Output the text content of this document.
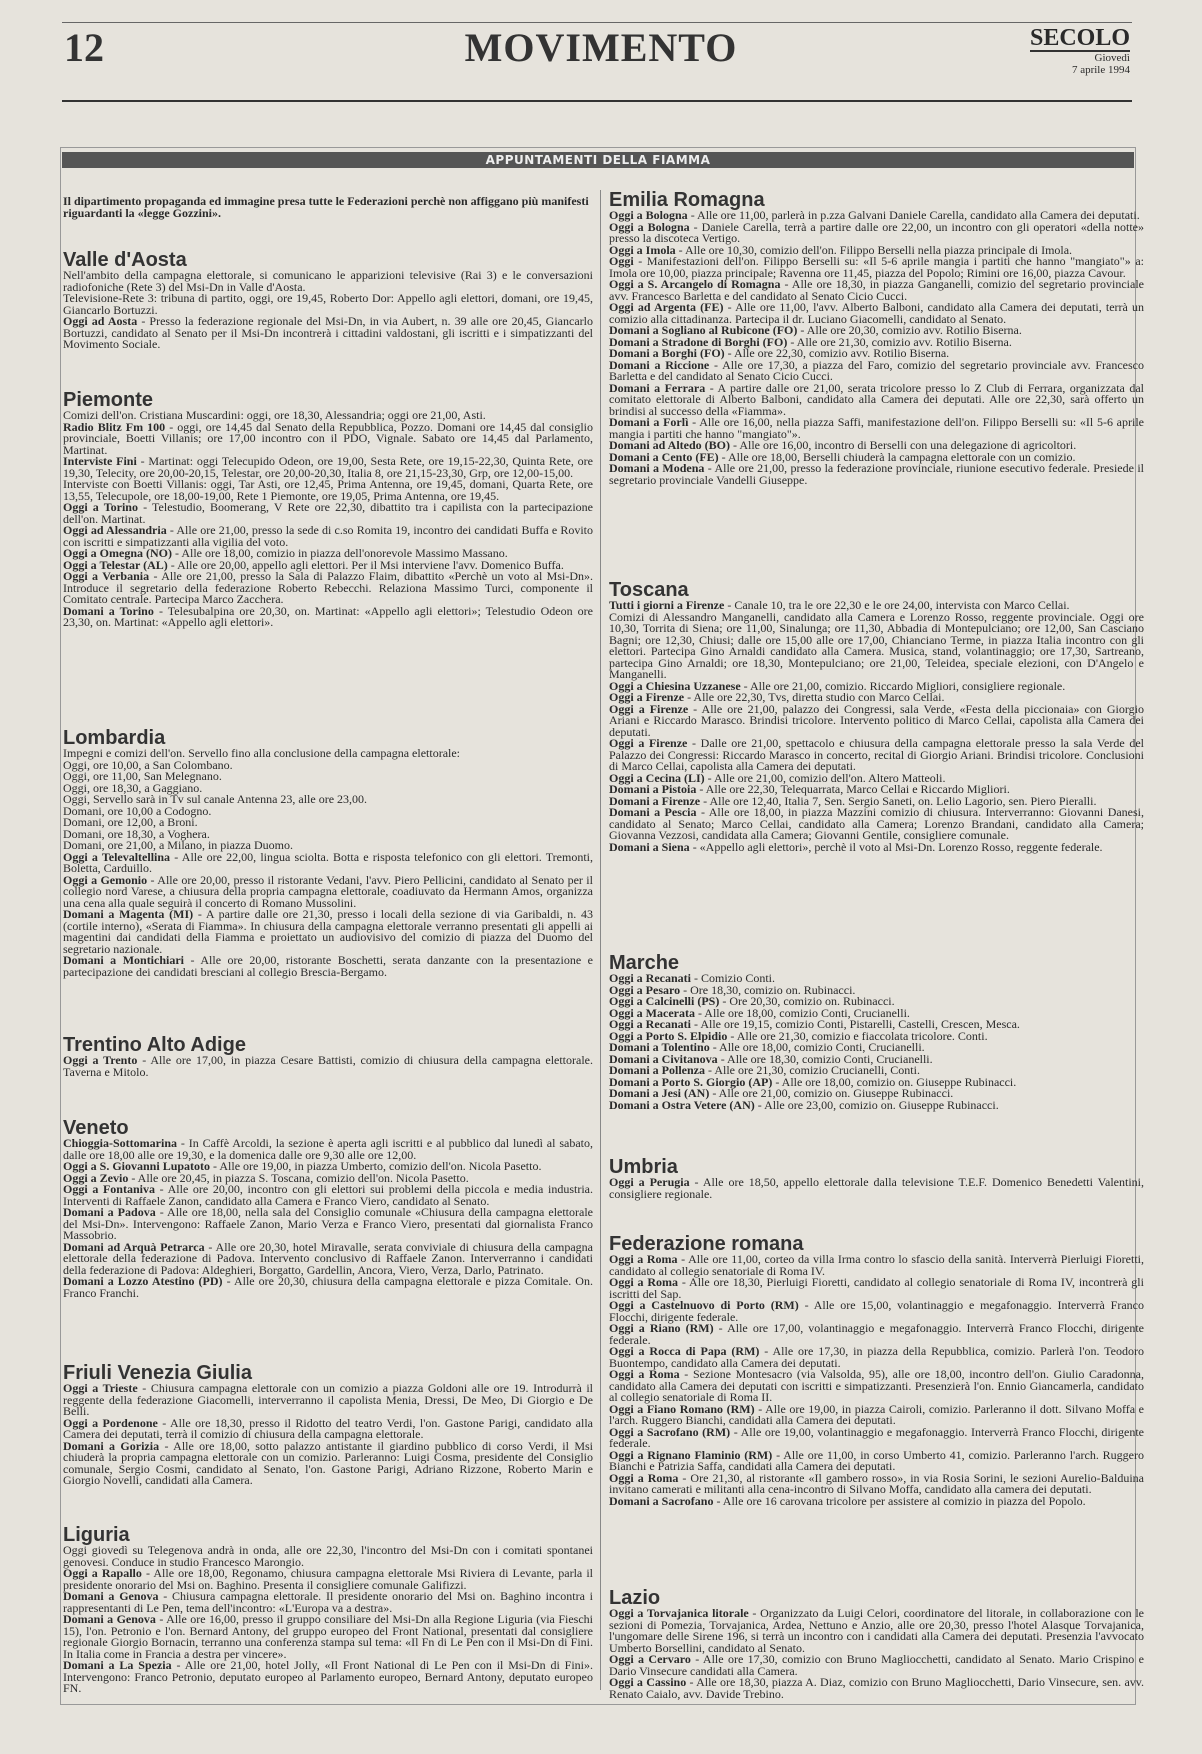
12	MOVIMENTO	SECOLO
Giovedì
7 aprile 1994
APPUNTAMENTI DELLA FIAMMA

Il dipartimento propaganda ed immagine presa tutte le Federazioni perchè non affiggano più manifesti riguardanti la «legge Gozzini».

Valle d'Aosta

Nell'ambito della campagna elettorale, si comunicano le apparizioni televisive (Rai 3) e le conversazioni radiofoniche (Rete 3) del Msi-Dn in Valle d'Aosta.

Televisione-Rete 3: tribuna di partito, oggi, ore 19,45, Roberto Dor: Appello agli elettori, domani, ore 19,45, Giancarlo Bortuzzi.

Oggi ad Aosta - Presso la federazione regionale del Msi-Dn, in via Aubert, n. 39 alle ore 20,45, Giancarlo Bortuzzi, candidato al Senato per il Msi-Dn incontrerà i cittadini valdostani, gli iscritti e i simpatizzanti del Movimento Sociale.

Piemonte

Comizi dell'on. Cristiana Muscardini: oggi, ore 18,30, Alessandria; oggi ore 21,00, Asti.

Radio Blitz Fm 100 - oggi, ore 14,45 dal Senato della Repubblica, Pozzo. Domani ore 14,45 dal consiglio provinciale, Boetti Villanis; ore 17,00 incontro con il PDO, Vignale. Sabato ore 14,45 dal Parlamento, Martinat.

Interviste Fini - Martinat: oggi Telecupido Odeon, ore 19,00, Sesta Rete, ore 19,15-22,30, Quinta Rete, ore 19,30, Telecity, ore 20,00-20,15, Telestar, ore 20,00-20,30, Italia 8, ore 21,15-23,30, Grp, ore 12,00-15,00.

Interviste con Boetti Villanis: oggi, Tar Asti, ore 12,45, Prima Antenna, ore 19,45, domani, Quarta Rete, ore 13,55, Telecupole, ore 18,00-19,00, Rete 1 Piemonte, ore 19,05, Prima Antenna, ore 19,45.

Oggi a Torino - Telestudio, Boomerang, V Rete ore 22,30, dibattito tra i capilista con la partecipazione dell'on. Martinat.

Oggi ad Alessandria - Alle ore 21,00, presso la sede di c.so Romita 19, incontro dei candidati Buffa e Rovito con iscritti e simpatizzanti alla vigilia del voto.

Oggi a Omegna (NO) - Alle ore 18,00, comizio in piazza dell'onorevole Massimo Massano.

Oggi a Telestar (AL) - Alle ore 20,00, appello agli elettori. Per il Msi interviene l'avv. Domenico Buffa.

Oggi a Verbania - Alle ore 21,00, presso la Sala di Palazzo Flaim, dibattito «Perchè un voto al Msi-Dn». Introduce il segretario della federazione Roberto Rebecchi. Relaziona Massimo Turci, componente il Comitato centrale. Partecipa Marco Zacchera.

Domani a Torino - Telesubalpina ore 20,30, on. Martinat: «Appello agli elettori»; Telestudio Odeon ore 23,30, on. Martinat: «Appello agli elettori».

Lombardia

Impegni e comizi dell'on. Servello fino alla conclusione della campagna elettorale:

Oggi, ore 10,00, a San Colombano.

Oggi, ore 11,00, San Melegnano.

Oggi, ore 18,30, a Gaggiano.

Oggi, Servello sarà in Tv sul canale Antenna 23, alle ore 23,00.

Domani, ore 10,00 a Codogno.

Domani, ore 12,00, a Broni.

Domani, ore 18,30, a Voghera.

Domani, ore 21,00, a Milano, in piazza Duomo.

Oggi a Televaltellina - Alle ore 22,00, lingua sciolta. Botta e risposta telefonico con gli elettori. Tremonti, Boletta, Carduillo.

Oggi a Gemonio - Alle ore 20,00, presso il ristorante Vedani, l'avv. Piero Pellicini, candidato al Senato per il collegio nord Varese, a chiusura della propria campagna elettorale, coadiuvato da Hermann Amos, organizza una cena alla quale seguirà il concerto di Romano Mussolini.

Domani a Magenta (MI) - A partire dalle ore 21,30, presso i locali della sezione di via Garibaldi, n. 43 (cortile interno), «Serata di Fiamma». In chiusura della campagna elettorale verranno presentati gli appelli ai magentini dai candidati della Fiamma e proiettato un audiovisivo del comizio di piazza del Duomo del segretario nazionale.

Domani a Montichiari - Alle ore 20,00, ristorante Boschetti, serata danzante con la presentazione e partecipazione dei candidati bresciani al collegio Brescia-Bergamo.

Trentino Alto Adige

Oggi a Trento - Alle ore 17,00, in piazza Cesare Battisti, comizio di chiusura della campagna elettorale. Taverna e Mitolo.

Veneto

Chioggia-Sottomarina - In Caffè Arcoldi, la sezione è aperta agli iscritti e al pubblico dal lunedì al sabato, dalle ore 18,00 alle ore 19,30, e la domenica dalle ore 9,30 alle ore 12,00.

Oggi a S. Giovanni Lupatoto - Alle ore 19,00, in piazza Umberto, comizio dell'on. Nicola Pasetto.

Oggi a Zevio - Alle ore 20,45, in piazza S. Toscana, comizio dell'on. Nicola Pasetto.

Oggi a Fontaniva - Alle ore 20,00, incontro con gli elettori sui problemi della piccola e media industria. Interventi di Raffaele Zanon, candidato alla Camera e Franco Viero, candidato al Senato.

Domani a Padova - Alle ore 18,00, nella sala del Consiglio comunale «Chiusura della campagna elettorale del Msi-Dn». Intervengono: Raffaele Zanon, Mario Verza e Franco Viero, presentati dal giornalista Franco Massobrio.

Domani ad Arquà Petrarca - Alle ore 20,30, hotel Miravalle, serata conviviale di chiusura della campagna elettorale della federazione di Padova. Intervento conclusivo di Raffaele Zanon. Interverranno i candidati della federazione di Padova: Aldeghieri, Borgatto, Gardellin, Ancora, Viero, Verza, Darlo, Patrinato.

Domani a Lozzo Atestino (PD) - Alle ore 20,30, chiusura della campagna elettorale e pizza Comitale. On. Franco Franchi.

Friuli Venezia Giulia

Oggi a Trieste - Chiusura campagna elettorale con un comizio a piazza Goldoni alle ore 19. Introdurrà il reggente della federazione Giacomelli, interverranno il capolista Menia, Dressi, De Meo, Di Giorgio e De Belli.

Oggi a Pordenone - Alle ore 18,30, presso il Ridotto del teatro Verdi, l'on. Gastone Parigi, candidato alla Camera dei deputati, terrà il comizio di chiusura della campagna elettorale.

Domani a Gorizia - Alle ore 18,00, sotto palazzo antistante il giardino pubblico di corso Verdi, il Msi chiuderà la propria campagna elettorale con un comizio. Parleranno: Luigi Cosma, presidente del Consiglio comunale, Sergio Cosmi, candidato al Senato, l'on. Gastone Parigi, Adriano Rizzone, Roberto Marin e Giorgio Novelli, candidati alla Camera.

Liguria

Oggi giovedì su Telegenova andrà in onda, alle ore 22,30, l'incontro del Msi-Dn con i comitati spontanei genovesi. Conduce in studio Francesco Marongio.

Oggi a Rapallo - Alle ore 18,00, Regonamo, chiusura campagna elettorale Msi Riviera di Levante, parla il presidente onorario del Msi on. Baghino. Presenta il consigliere comunale Galifizzi.

Domani a Genova - Chiusura campagna elettorale. Il presidente onorario del Msi on. Baghino incontra i rappresentanti di Le Pen, tema dell'incontro: «L'Europa va a destra».

Domani a Genova - Alle ore 16,00, presso il gruppo consiliare del Msi-Dn alla Regione Liguria (via Fieschi 15), l'on. Petronio e l'on. Bernard Antony, del gruppo europeo del Front National, presentati dal consigliere regionale Giorgio Bornacin, terranno una conferenza stampa sul tema: «Il Fn di Le Pen con il Msi-Dn di Fini. In Italia come in Francia a destra per vincere».

Domani a La Spezia - Alle ore 21,00, hotel Jolly, «Il Front National di Le Pen con il Msi-Dn di Fini». Intervengono: Franco Petronio, deputato europeo al Parlamento europeo, Bernard Antony, deputato europeo FN.

Emilia Romagna

Oggi a Bologna - Alle ore 11,00, parlerà in p.zza Galvani Daniele Carella, candidato alla Camera dei deputati.

Oggi a Bologna - Daniele Carella, terrà a partire dalle ore 22,00, un incontro con gli operatori «della notte» presso la discoteca Vertigo.

Oggi a Imola - Alle ore 10,30, comizio dell'on. Filippo Berselli nella piazza principale di Imola.

Oggi - Manifestazioni dell'on. Filippo Berselli su: «Il 5-6 aprile mangia i partiti che hanno "mangiato"» a: Imola ore 10,00, piazza principale; Ravenna ore 11,45, piazza del Popolo; Rimini ore 16,00, piazza Cavour.

Oggi a S. Arcangelo di Romagna - Alle ore 18,30, in piazza Ganganelli, comizio del segretario provinciale avv. Francesco Barletta e del candidato al Senato Cicio Cucci.

Oggi ad Argenta (FE) - Alle ore 11,00, l'avv. Alberto Balboni, candidato alla Camera dei deputati, terrà un comizio alla cittadinanza. Partecipa il dr. Luciano Giacomelli, candidato al Senato.

Domani a Sogliano al Rubicone (FO) - Alle ore 20,30, comizio avv. Rotilio Biserna.

Domani a Stradone di Borghi (FO) - Alle ore 21,30, comizio avv. Rotilio Biserna.

Domani a Borghi (FO) - Alle ore 22,30, comizio avv. Rotilio Biserna.

Domani a Riccione - Alle ore 17,30, a piazza del Faro, comizio del segretario provinciale avv. Francesco Barletta e del candidato al Senato Cicio Cucci.

Domani a Ferrara - A partire dalle ore 21,00, serata tricolore presso lo Z Club di Ferrara, organizzata dal comitato elettorale di Alberto Balboni, candidato alla Camera dei deputati. Alle ore 22,30, sarà offerto un brindisi al successo della «Fiamma».

Domani a Forlì - Alle ore 16,00, nella piazza Saffi, manifestazione dell'on. Filippo Berselli su: «Il 5-6 aprile mangia i partiti che hanno "mangiato"».

Domani ad Altedo (BO) - Alle ore 16,00, incontro di Berselli con una delegazione di agricoltori.

Domani a Cento (FE) - Alle ore 18,00, Berselli chiuderà la campagna elettorale con un comizio.

Domani a Modena - Alle ore 21,00, presso la federazione provinciale, riunione esecutivo federale. Presiede il segretario provinciale Vandelli Giuseppe.

Toscana

Tutti i giorni a Firenze - Canale 10, tra le ore 22,30 e le ore 24,00, intervista con Marco Cellai.

Comizi di Alessandro Manganelli, candidato alla Camera e Lorenzo Rosso, reggente provinciale. Oggi ore 10,30, Torrita di Siena; ore 11,00, Sinalunga; ore 11,30, Abbadia di Montepulciano; ore 12,00, San Casciano Bagni; ore 12,30, Chiusi; dalle ore 15,00 alle ore 17,00, Chianciano Terme, in piazza Italia incontro con gli elettori. Partecipa Gino Arnaldi candidato alla Camera. Musica, stand, volantinaggio; ore 17,30, Sartreano, partecipa Gino Arnaldi; ore 18,30, Montepulciano; ore 21,00, Teleidea, speciale elezioni, con D'Angelo e Manganelli.

Oggi a Chiesina Uzzanese - Alle ore 21,00, comizio. Riccardo Migliori, consigliere regionale.

Oggi a Firenze - Alle ore 22,30, Tvs, diretta studio con Marco Cellai.

Oggi a Firenze - Alle ore 21,00, palazzo dei Congressi, sala Verde, «Festa della piccionaia» con Giorgio Ariani e Riccardo Marasco. Brindisi tricolore. Intervento politico di Marco Cellai, capolista alla Camera dei deputati.

Oggi a Firenze - Dalle ore 21,00, spettacolo e chiusura della campagna elettorale presso la sala Verde del Palazzo dei Congressi: Riccardo Marasco in concerto, recital di Giorgio Ariani. Brindisi tricolore. Conclusioni di Marco Cellai, capolista alla Camera dei deputati.

Oggi a Cecina (LI) - Alle ore 21,00, comizio dell'on. Altero Matteoli.

Domani a Pistoia - Alle ore 22,30, Telequarrata, Marco Cellai e Riccardo Migliori.

Domani a Firenze - Alle ore 12,40, Italia 7, Sen. Sergio Saneti, on. Lelio Lagorio, sen. Piero Pieralli.

Domani a Pescia - Alle ore 18,00, in piazza Mazzini comizio di chiusura. Interverranno: Giovanni Danesi, candidato al Senato; Marco Cellai, candidato alla Camera; Lorenzo Brandani, candidato alla Camera; Giovanna Vezzosi, candidata alla Camera; Giovanni Gentile, consigliere comunale.

Domani a Siena - «Appello agli elettori», perchè il voto al Msi-Dn. Lorenzo Rosso, reggente federale.

Marche

Oggi a Recanati - Comizio Conti.

Oggi a Pesaro - Ore 18,30, comizio on. Rubinacci.

Oggi a Calcinelli (PS) - Ore 20,30, comizio on. Rubinacci.

Oggi a Macerata - Alle ore 18,00, comizio Conti, Crucianelli.

Oggi a Recanati - Alle ore 19,15, comizio Conti, Pistarelli, Castelli, Crescen, Mesca.

Oggi a Porto S. Elpidio - Alle ore 21,30, comizio e fiaccolata tricolore. Conti.

Domani a Tolentino - Alle ore 18,00, comizio Conti, Crucianelli.

Domani a Civitanova - Alle ore 18,30, comizio Conti, Crucianelli.

Domani a Pollenza - Alle ore 21,30, comizio Crucianelli, Conti.

Domani a Porto S. Giorgio (AP) - Alle ore 18,00, comizio on. Giuseppe Rubinacci.

Domani a Jesi (AN) - Alle ore 21,00, comizio on. Giuseppe Rubinacci.

Domani a Ostra Vetere (AN) - Alle ore 23,00, comizio on. Giuseppe Rubinacci.

Umbria

Oggi a Perugia - Alle ore 18,50, appello elettorale dalla televisione T.E.F. Domenico Benedetti Valentini, consigliere regionale.

Federazione romana

Oggi a Roma - Alle ore 11,00, corteo da villa Irma contro lo sfascio della sanità. Interverrà Pierluigi Fioretti, candidato al collegio senatoriale di Roma IV.

Oggi a Roma - Alle ore 18,30, Pierluigi Fioretti, candidato al collegio senatoriale di Roma IV, incontrerà gli iscritti del Sap.

Oggi a Castelnuovo di Porto (RM) - Alle ore 15,00, volantinaggio e megafonaggio. Interverrà Franco Flocchi, dirigente federale.

Oggi a Riano (RM) - Alle ore 17,00, volantinaggio e megafonaggio. Interverrà Franco Flocchi, dirigente federale.

Oggi a Rocca di Papa (RM) - Alle ore 17,30, in piazza della Repubblica, comizio. Parlerà l'on. Teodoro Buontempo, candidato alla Camera dei deputati.

Oggi a Roma - Sezione Montesacro (via Valsolda, 95), alle ore 18,00, incontro dell'on. Giulio Caradonna, candidato alla Camera dei deputati con iscritti e simpatizzanti. Presenzierà l'on. Ennio Giancamerla, candidato al collegio senatoriale di Roma II.

Oggi a Fiano Romano (RM) - Alle ore 19,00, in piazza Cairoli, comizio. Parleranno il dott. Silvano Moffa e l'arch. Ruggero Bianchi, candidati alla Camera dei deputati.

Oggi a Sacrofano (RM) - Alle ore 19,00, volantinaggio e megafonaggio. Interverrà Franco Flocchi, dirigente federale.

Oggi a Rignano Flaminio (RM) - Alle ore 11,00, in corso Umberto 41, comizio. Parleranno l'arch. Ruggero Bianchi e Patrizia Saffa, candidati alla Camera dei deputati.

Oggi a Roma - Ore 21,30, al ristorante «Il gambero rosso», in via Rosia Sorini, le sezioni Aurelio-Balduina invitano camerati e militanti alla cena-incontro di Silvano Moffa, candidato alla camera dei deputati.

Domani a Sacrofano - Alle ore 16 carovana tricolore per assistere al comizio in piazza del Popolo.

Lazio

Oggi a Torvajanica litorale - Organizzato da Luigi Celori, coordinatore del litorale, in collaborazione con le sezioni di Pomezia, Torvajanica, Ardea, Nettuno e Anzio, alle ore 20,30, presso l'hotel Alasque Torvajanica, l'ungomare delle Sirene 196, si terrà un incontro con i candidati alla Camera dei deputati. Presenzia l'avvocato Umberto Borsellini, candidato al Senato.

Oggi a Cervaro - Alle ore 17,30, comizio con Bruno Magliocchetti, candidato al Senato. Mario Crispino e Dario Vinsecure candidati alla Camera.

Oggi a Cassino - Alle ore 18,30, piazza A. Diaz, comizio con Bruno Magliocchetti, Dario Vinsecure, sen. avv. Renato Caialo, avv. Davide Trebino.
